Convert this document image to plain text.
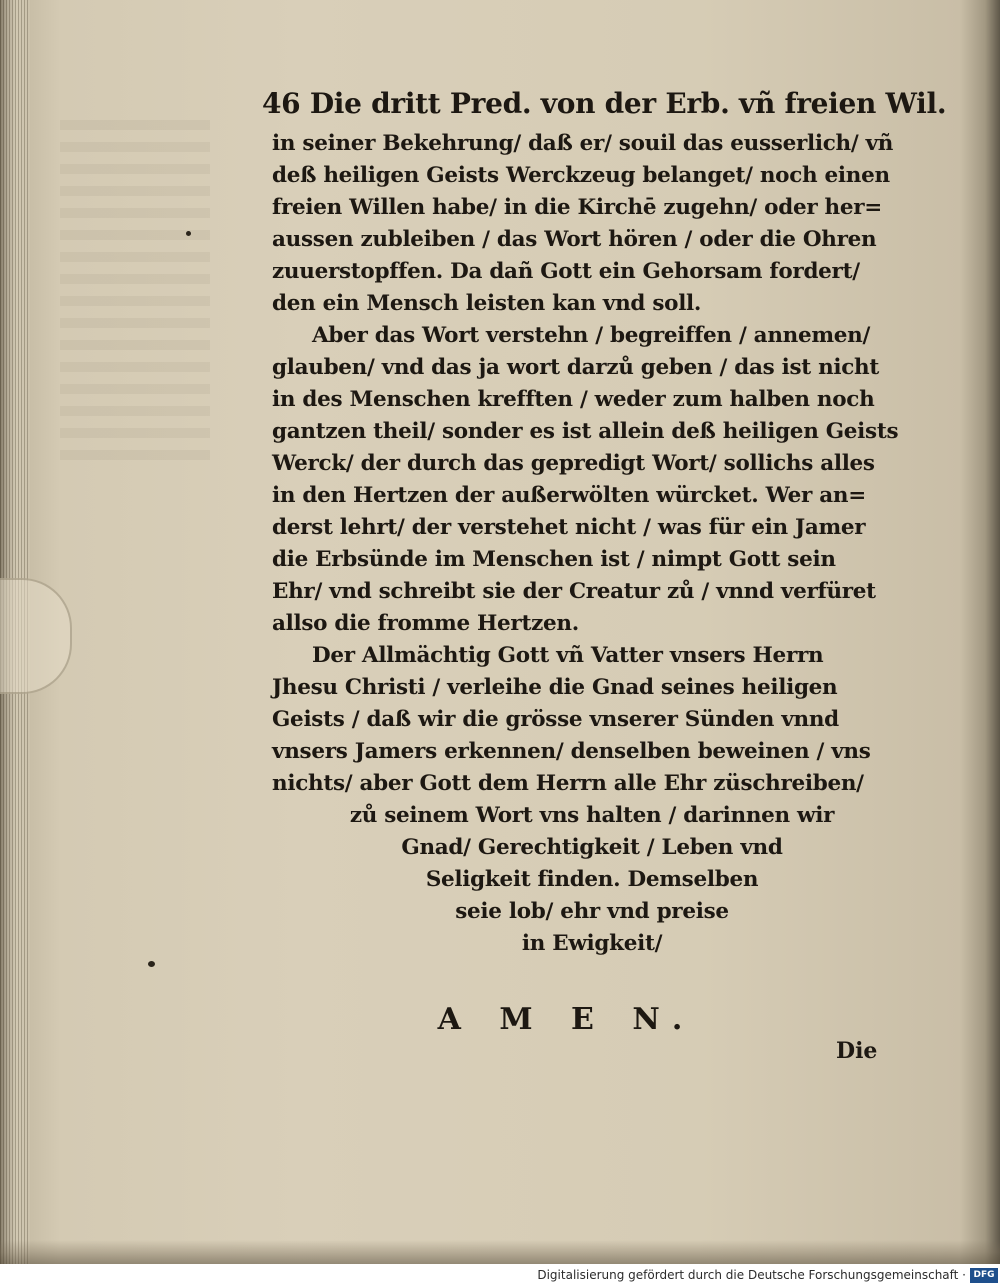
46 Die dritt Pred. von der Erb. vñ freien Wil.
in seiner Bekehrung/ daß er/ souil das eusserlich/ vñ
deß heiligen Geists Werckzeug belanget/ noch einen
freien Willen habe/ in die Kirchē zugehn/ oder her=
aussen zubleiben / das Wort hören / oder die Ohren
zuuerstopffen. Da dañ Gott ein Gehorsam fordert/
den ein Mensch leisten kan vnd soll.
Aber das Wort verstehn / begreiffen / annemen/
glauben/ vnd das ja wort darzů geben / das ist nicht
in des Menschen krefften / weder zum halben noch
gantzen theil/ sonder es ist allein deß heiligen Geists
Werck/ der durch das gepredigt Wort/ sollichs alles
in den Hertzen der außerwölten würcket. Wer an=
derst lehrt/ der verstehet nicht / was für ein Jamer
die Erbsünde im Menschen ist / nimpt Gott sein
Ehr/ vnd schreibt sie der Creatur zů / vnnd verfüret
allso die fromme Hertzen.
Der Allmächtig Gott vñ Vatter vnsers Herrn
Jhesu Christi / verleihe die Gnad seines heiligen
Geists / daß wir die grösse vnserer Sünden vnnd
vnsers Jamers erkennen/ denselben beweinen / vns
nichts/ aber Gott dem Herrn alle Ehr züschreiben/
zů seinem Wort vns halten / darinnen wir
Gnad/ Gerechtigkeit / Leben vnd
Seligkeit finden. Demselben
seie lob/ ehr vnd preise
in Ewigkeit/
A M E N.
Die
Digitalisierung gefördert durch die Deutsche Forschungsgemeinschaft · DFG
